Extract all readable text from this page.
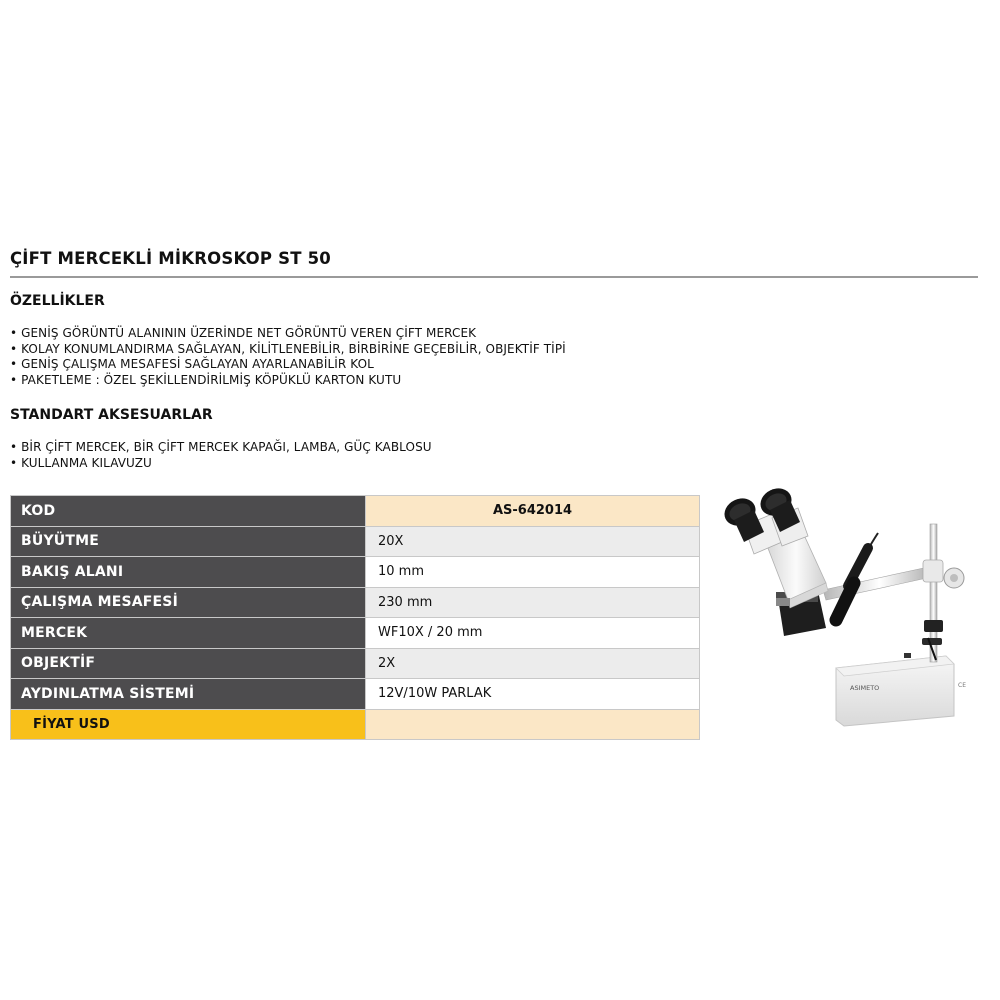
ÇİFT MERCEKLİ MİKROSKOP ST 50
ÖZELLİKLER
• GENİŞ GÖRÜNTÜ ALANININ ÜZERİNDE NET GÖRÜNTÜ VEREN ÇİFT MERCEK
• KOLAY KONUMLANDIRMA SAĞLAYAN, KİLİTLENEBİLİR, BİRBİRİNE GEÇEBİLİR, OBJEKTİF TİPİ
• GENİŞ ÇALIŞMA MESAFESİ SAĞLAYAN AYARLANABİLİR KOL
• PAKETLEME : ÖZEL ŞEKİLLENDİRİLMİŞ KÖPÜKLÜ KARTON KUTU
STANDART AKSESUARLAR
• BİR ÇİFT MERCEK, BİR ÇİFT MERCEK KAPAĞI, LAMBA, GÜÇ KABLOSU
• KULLANMA KILAVUZU
KOD	AS-642014
BÜYÜTME	20X
BAKIŞ ALANI	10 mm
ÇALIŞMA MESAFESİ	230 mm
MERCEK	WF10X / 20 mm
OBJEKTİF	2X
AYDINLATMA SİSTEMİ	12V/10W PARLAK
FİYAT USD	
ASIMETO	CE
